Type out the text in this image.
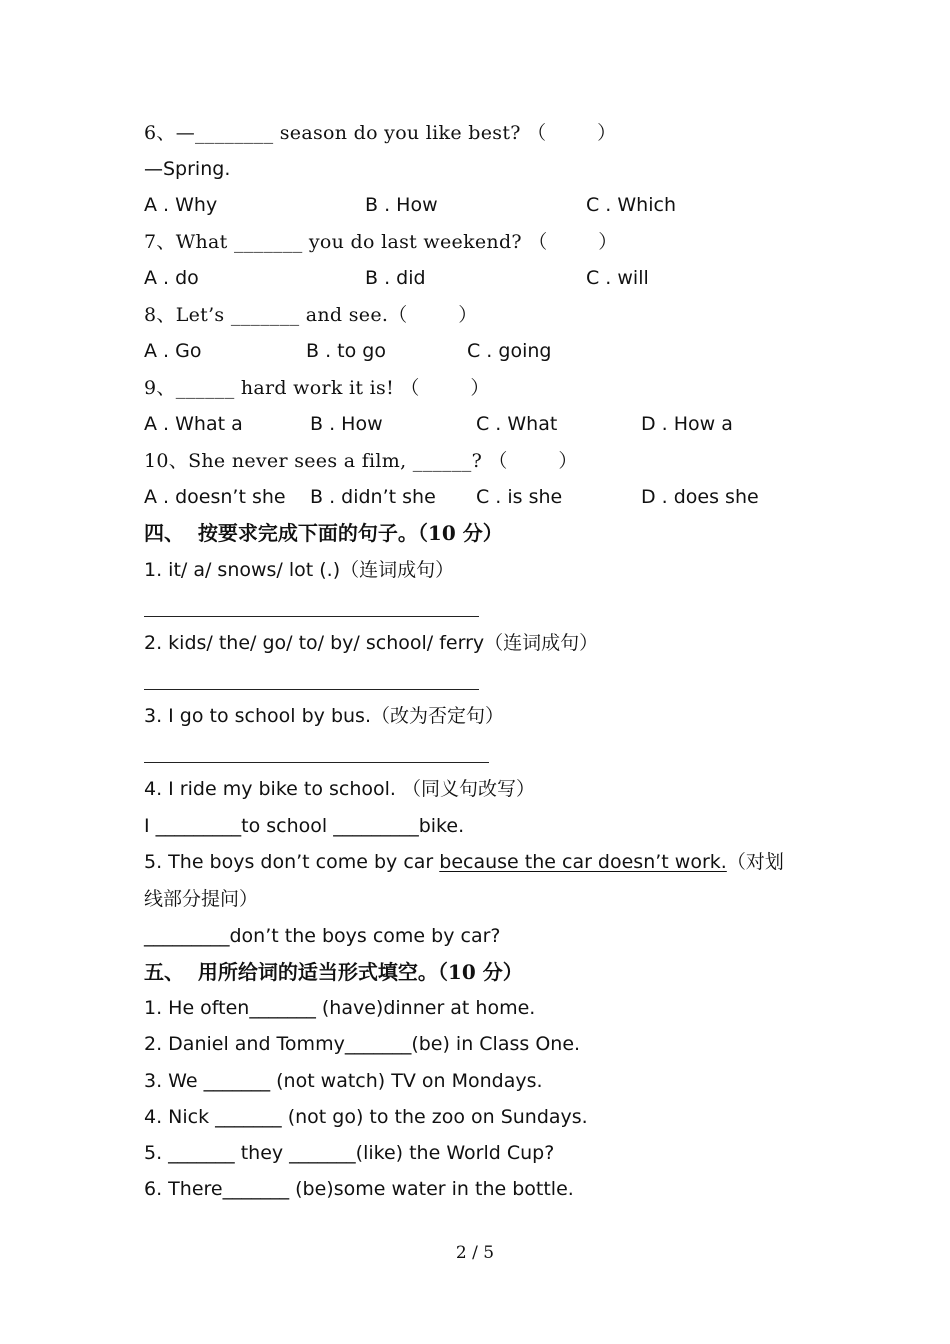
6、—________ season do you like best? （        ）
—Spring.
A . Why	B . How	C . Which
7、What _______ you do last weekend? （        ）
A . do	B . did	C . will
8、Let’s _______ and see.（        ）
A . Go	B . to go	C . going
9、______ hard work it is! （        ）
A . What a	B . How	C . What	D . How a
10、She never sees a film, ______? （        ）
A . doesn’t she B . didn’t she C . is she	D . does she
四、  按要求完成下面的句子。（10 分）
1. it/ a/ snows/ lot (.)（连词成句）
2. kids/ the/ go/ to/ by/ school/ ferry（连词成句）
3. I go to school by bus.（改为否定句）
4. I ride my bike to school. （同义句改写）
I _________to school _________bike.
5. The boys don’t come by car because the car doesn’t work.（对划
线部分提问）
_________don’t the boys come by car?
五、  用所给词的适当形式填空。（10 分）
1. He often_______ (have)dinner at home.
2. Daniel and Tommy_______(be) in Class One.
3. We _______ (not watch) TV on Mondays.
4. Nick _______ (not go) to the zoo on Sundays.
5. _______ they _______(like) the World Cup?
6. There_______ (be)some water in the bottle.
2 / 5
